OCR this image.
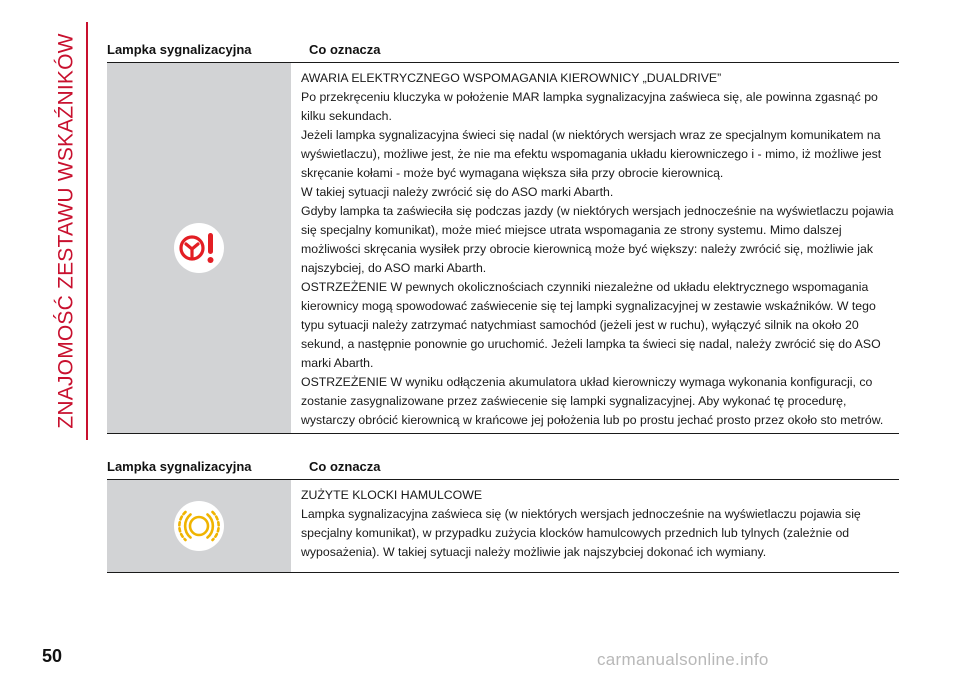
ZNAJOMOŚĆ ZESTAWU WSKAŹNIKÓW Lampka sygnalizacyjna	Co oznacza

AWARIA ELEKTRYCZNEGO WSPOMAGANIA KIEROWNICY „DUALDRIVE”

Po przekręceniu kluczyka w położenie MAR lampka sygnalizacyjna zaświeca się, ale powinna zgasnąć po kilku sekundach.

Jeżeli lampka sygnalizacyjna świeci się nadal (w niektórych wersjach wraz ze specjalnym komunikatem na wyświetlaczu), możliwe jest, że nie ma efektu wspomagania układu kierowniczego i - mimo, iż możliwe jest skręcanie kołami - może być wymagana większa siła przy obrocie kierownicą.

W takiej sytuacji należy zwrócić się do ASO marki Abarth.

Gdyby lampka ta zaświeciła się podczas jazdy (w niektórych wersjach jednocześnie na wyświetlaczu pojawia się specjalny komunikat), może mieć miejsce utrata wspomagania ze strony systemu. Mimo dalszej możliwości skręcania wysiłek przy obrocie kierownicą może być większy: należy zwrócić się, możliwie jak najszybciej, do ASO marki Abarth.

OSTRZEŻENIE W pewnych okolicznościach czynniki niezależne od układu elektrycznego wspomagania kierownicy mogą spowodować zaświecenie się tej lampki sygnalizacyjnej w zestawie wskaźników. W tego typu sytuacji należy zatrzymać natychmiast samochód (jeżeli jest w ruchu), wyłączyć silnik na około 20 sekund, a następnie ponownie go uruchomić. Jeżeli lampka ta świeci się nadal, należy zwrócić się do ASO marki Abarth.

OSTRZEŻENIE W wyniku odłączenia akumulatora układ kierowniczy wymaga wykonania konfiguracji, co zostanie zasygnalizowane przez zaświecenie się lampki sygnalizacyjnej. Aby wykonać tę procedurę, wystarczy obrócić kierownicą w krańcowe jej położenia lub po prostu jechać prosto przez około sto metrów.

Lampka sygnalizacyjna	Co oznacza

ZUŻYTE KLOCKI HAMULCOWE

Lampka sygnalizacyjna zaświeca się (w niektórych wersjach jednocześnie na wyświetlaczu pojawia się specjalny komunikat), w przypadku zużycia klocków hamulcowych przednich lub tylnych (zależnie od wyposażenia). W takiej sytuacji należy możliwie jak najszybciej dokonać ich wymiany.

50	carmanualsonline.info
